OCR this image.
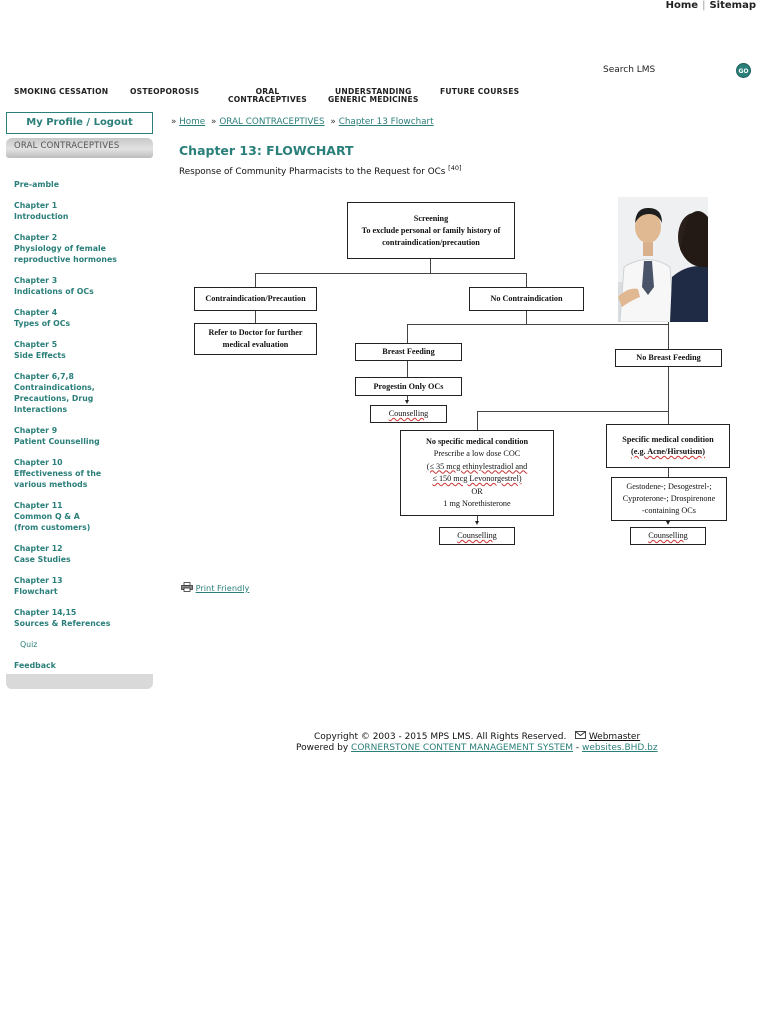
Home | Sitemap
Search LMS	GO
SMOKING CESSATION	OSTEOPOROSIS	ORAL
CONTRACEPTIVES
UNDERSTANDING
GENERIC MEDICINES
FUTURE COURSES
My Profile / Logout
ORAL CONTRACEPTIVES
Pre-amble
Chapter 1
Introduction
Chapter 2
Physiology of female
reproductive hormones
Chapter 3
Indications of OCs
Chapter 4
Types of OCs
Chapter 5
Side Effects
Chapter 6,7,8
Contraindications,
Precautions, Drug
Interactions
Chapter 9
Patient Counselling
Chapter 10
Effectiveness of the
various methods
Chapter 11
Common Q & A
(from customers)
Chapter 12
Case Studies
Chapter 13
Flowchart
Chapter 14,15
Sources & References
Quiz
Feedback
» Home » ORAL CONTRACEPTIVES » Chapter 13 Flowchart
Chapter 13: FLOWCHART
Response of Community Pharmacists to the Request for OCs [40]
Screening
To exclude personal or family history of
contraindication/precaution
Contraindication/Precaution	No Contraindication
Refer to Doctor for further
medical evaluation
Breast Feeding
No Breast Feeding
Progestin Only OCs
Counselling
No specific medical condition
Prescribe a low dose COC
(≤ 35 mcg ethinylestradiol and
≤ 150 mcg Levonorgestrel)
OR
1 mg Norethisterone
Specific medical condition
(e.g. Acne/Hirsutism)
Gestodene-; Desogestrel-;
Cyproterone-; Drospirenone
-containing OCs
Counselling	Counselling
Print Friendly
Copyright © 2003 - 2015 MPS LMS. All Rights Reserved. Webmaster
Powered by CORNERSTONE CONTENT MANAGEMENT SYSTEM - websites.BHD.bz
